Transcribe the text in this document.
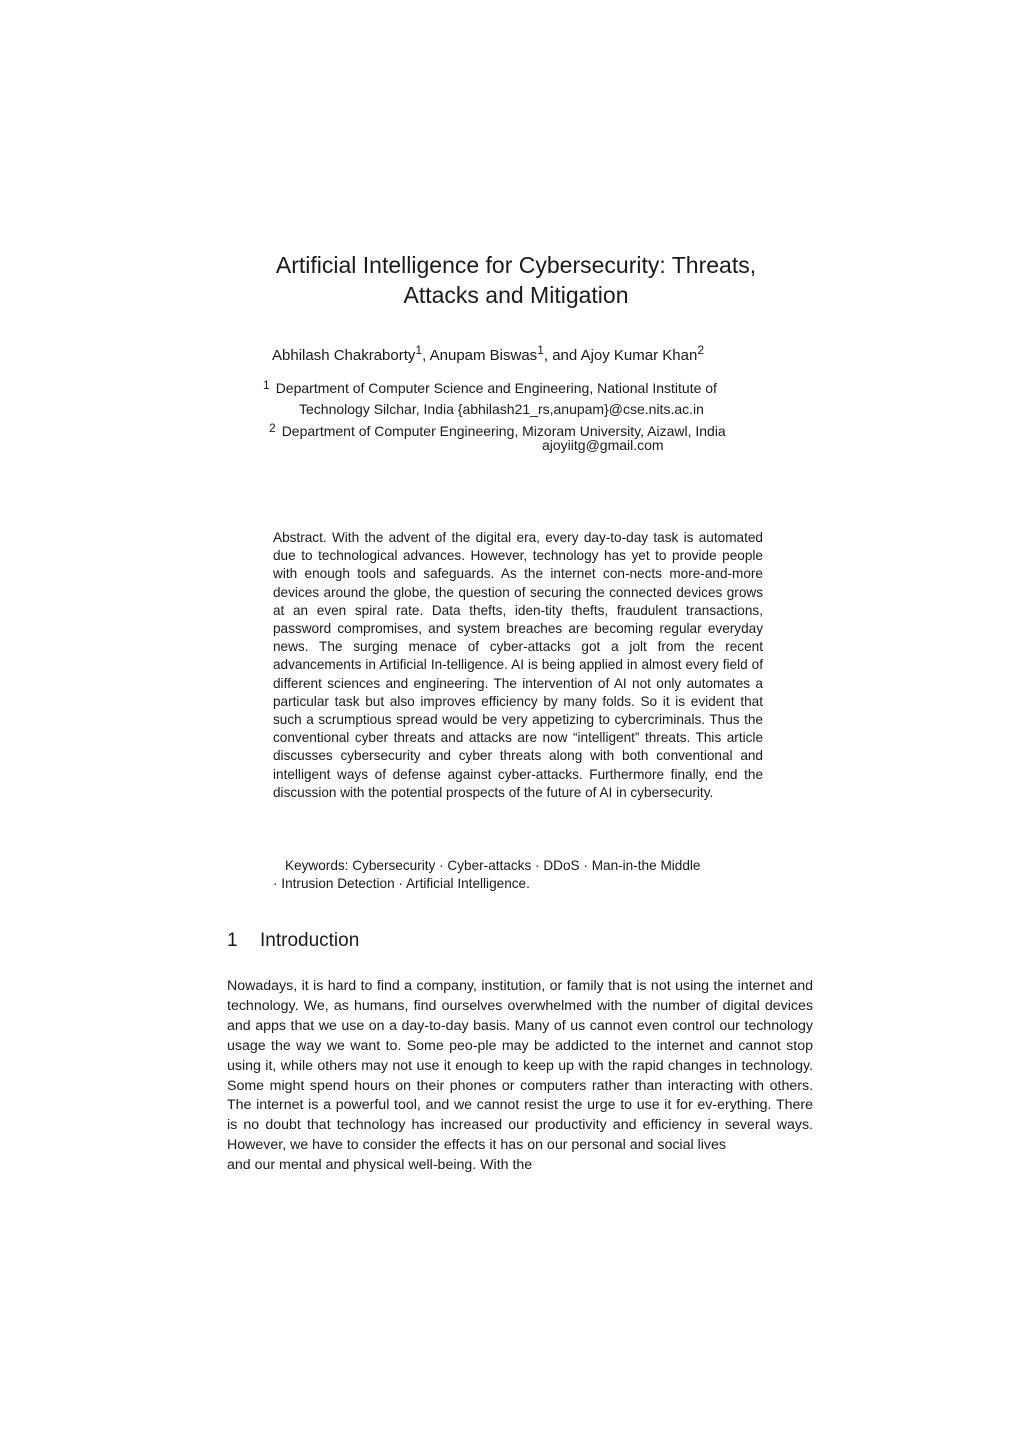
Artificial Intelligence for Cybersecurity: Threats,
Attacks and Mitigation
Abhilash Chakraborty$^1$, Anupam Biswas$^1$, and Ajoy Kumar Khan$^2$
$^1$ Department of Computer Science and Engineering, National Institute of
Technology Silchar, India {abhilash21_rs,anupam}@cse.nits.ac.in
$^2$ Department of Computer Engineering, Mizoram University, Aizawl, India
ajoyiitg@gmail.com
Abstract. With the advent of the digital era, every day-to-day task is automated due to technological advances. However, technology has yet to provide people with enough tools and safeguards. As the internet con-nects more-and-more devices around the globe, the question of securing the connected devices grows at an even spiral rate. Data thefts, iden-tity thefts, fraudulent transactions, password compromises, and system breaches are becoming regular everyday news. The surging menace of cyber-attacks got a jolt from the recent advancements in Artificial In-telligence. AI is being applied in almost every field of different sciences and engineering. The intervention of AI not only automates a particular task but also improves efficiency by many folds. So it is evident that such a scrumptious spread would be very appetizing to cybercriminals. Thus the conventional cyber threats and attacks are now “intelligent” threats. This article discusses cybersecurity and cyber threats along with both conventional and intelligent ways of defense against cyber-attacks. Furthermore finally, end the discussion with the potential prospects of the future of AI in cybersecurity.
Keywords: Cybersecurity · Cyber-attacks · DDoS · Man-in-the Middle
· Intrusion Detection · Artificial Intelligence.
1 Introduction
Nowadays, it is hard to find a company, institution, or family that is not using the internet and technology. We, as humans, find ourselves overwhelmed with the number of digital devices and apps that we use on a day-to-day basis. Many of us cannot even control our technology usage the way we want to. Some peo-ple may be addicted to the internet and cannot stop using it, while others may not use it enough to keep up with the rapid changes in technology. Some might spend hours on their phones or computers rather than interacting with others. The internet is a powerful tool, and we cannot resist the urge to use it for ev-erything. There is no doubt that technology has increased our productivity and efficiency in several ways. However, we have to consider the effects it has on our personal and social lives
and our mental and physical well-being. With the
